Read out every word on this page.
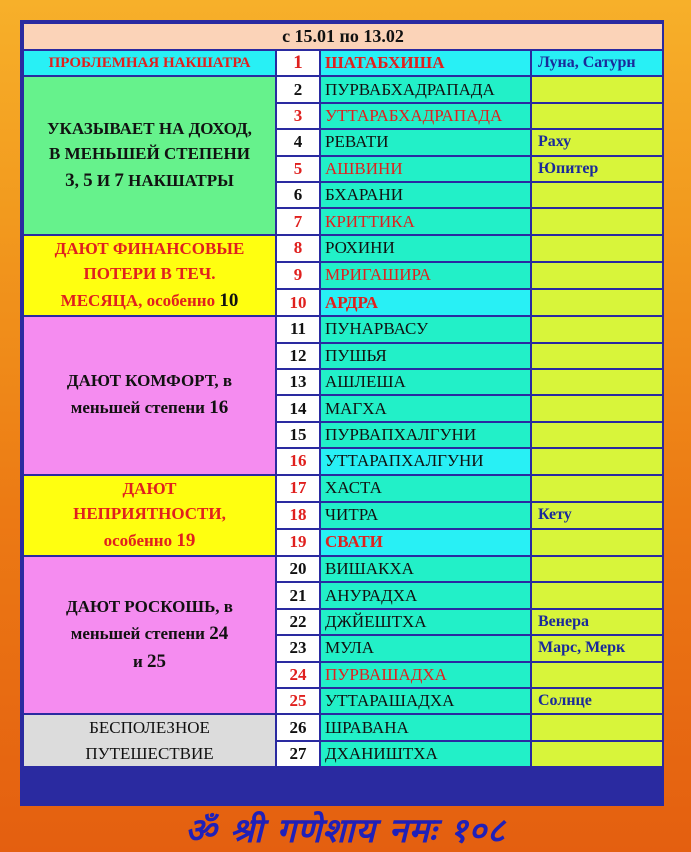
с 15.01 по 13.02			
ПРОБЛЕМНАЯ НАКШАТРА	1	ШАТАБХИША	Луна, Сатурн
УКАЗЫВАЕТ НА ДОХОД,
В МЕНЬШЕЙ СТЕПЕНИ
3, 5 И 7 НАКШАТРЫ	2	ПУРВАБХАДРАПАДА	
	3	УТТАРАБХАДРАПАДА	
	4	РЕВАТИ	Раху
	5	АШВИНИ	Юпитер
	6	БХАРАНИ	
	7	КРИТТИКА	
ДАЮТ ФИНАНСОВЫЕ
ПОТЕРИ В ТЕЧ.
МЕСЯЦА, особенно 10	8	РОХИНИ	
	9	МРИГАШИРА	
	10	АРДРА	
ДАЮТ КОМФОРТ, в
меньшей степени 16	11	ПУНАРВАСУ	
	12	ПУШЬЯ	
	13	АШЛЕША	
	14	МАГХА	
	15	ПУРВАПХАЛГУНИ	
	16	УТТАРАПХАЛГУНИ	
ДАЮТ
НЕПРИЯТНОСТИ,
особенно 19	17	ХАСТА	
	18	ЧИТРА	Кету
	19	СВАТИ	
ДАЮТ РОСКОШЬ, в
меньшей степени 24
и 25	20	ВИШАКХА	
	21	АНУРАДХА	
	22	ДЖЙЕШТХА	Венера
	23	МУЛА	Марс, Мерк
	24	ПУРВАШАДХА	
	25	УТТАРАШАДХА	Солнце
БЕСПОЛЕЗНОЕ
ПУТЕШЕСТВИЕ	26	ШРАВАНА	
	27	ДХАНИШТХА	
ॐ श्री गणेशाय नमः १०८
